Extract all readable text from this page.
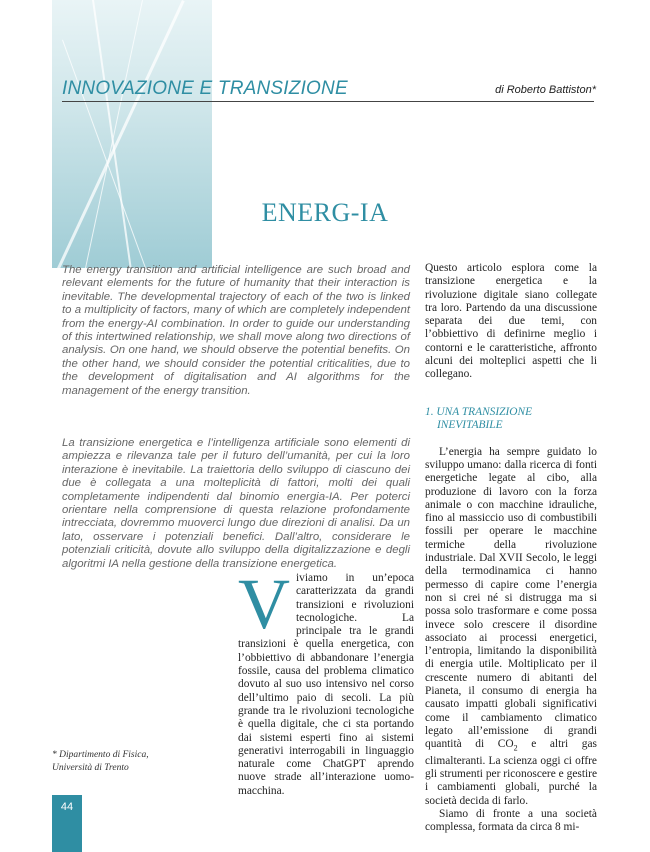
INNOVAZIONE E TRANSIZIONE	di Roberto Battiston*
ENERG-IA

The energy transition and artificial intelligence are such broad and relevant elements for the future of humanity that their interaction is inevitable. The developmental trajectory of each of the two is linked to a multiplicity of factors, many of which are completely independent from the energy-AI combination. In order to guide our understanding of this intertwined relationship, we shall move along two directions of analysis. On one hand, we should observe the potential benefits. On the other hand, we should consider the potential criticalities, due to the development of digitalisation and AI algorithms for the management of the energy transition.

La transizione energetica e l’intelligenza artificiale sono elementi di ampiezza e rilevanza tale per il futuro dell’umanità, per cui la loro interazione è inevitabile. La traiettoria dello sviluppo di ciascuno dei due è collegata a una molteplicità di fattori, molti dei quali completamente indipendenti dal binomio energia-IA. Per poterci orientare nella comprensione di questa relazione profondamente intrecciata, dovremmo muoverci lungo due direzioni di analisi. Da un lato, osservare i potenziali benefici. Dall’altro, considerare le potenziali criticità, dovute allo sviluppo della digitalizzazione e degli algoritmi IA nella gestione della transizione energetica.

Questo articolo esplora come la transizione energetica e la rivoluzione digitale siano collegate tra loro. Partendo da una discussione separata dei due temi, con l’obbiettivo di definirne meglio i contorni e le caratteristiche, affronto alcuni dei molteplici aspetti che li collegano.

1. UNA TRANSIZIONE
INEVITABILE

L’energia ha sempre guidato lo sviluppo umano: dalla ricerca di fonti energetiche legate al cibo, alla produzione di lavoro con la forza animale o con macchine idrauliche, fino al massiccio uso di combustibili fossili per operare le macchine termiche della rivoluzione industriale. Dal XVII Secolo, le leggi della termodinamica ci hanno permesso di capire come l’energia non si crei né si distrugga ma si possa solo trasformare e come possa invece solo crescere il disordine associato ai processi energetici, l’entropia, limitando la disponibilità di energia utile. Moltiplicato per il crescente numero di abitanti del Pianeta, il consumo di energia ha causato impatti globali significativi come il cambiamento climatico legato all’emissione di grandi quantità di $CO_2$ e altri gas climalteranti. La scienza oggi ci offre gli strumenti per riconoscere e gestire i cambiamenti globali, purché la società decida di farlo.

Siamo di fronte a una società complessa, formata da circa 8 mi-

V iviamo in un’epoca caratterizzata da grandi transizioni e rivoluzioni tecnologiche. La principale tra le grandi transizioni è quella energetica, con l’obbiettivo di abbandonare l’energia fossile, causa del problema climatico dovuto al suo uso intensivo nel corso dell’ultimo paio di secoli. La più grande tra le rivoluzioni tecnologiche è quella digitale, che ci sta portando dai sistemi esperti fino ai sistemi generativi interrogabili in linguaggio naturale come ChatGPT aprendo nuove strade all’interazione uomo-macchina.
* Dipartimento di Fisica,
Università di Trento
44
